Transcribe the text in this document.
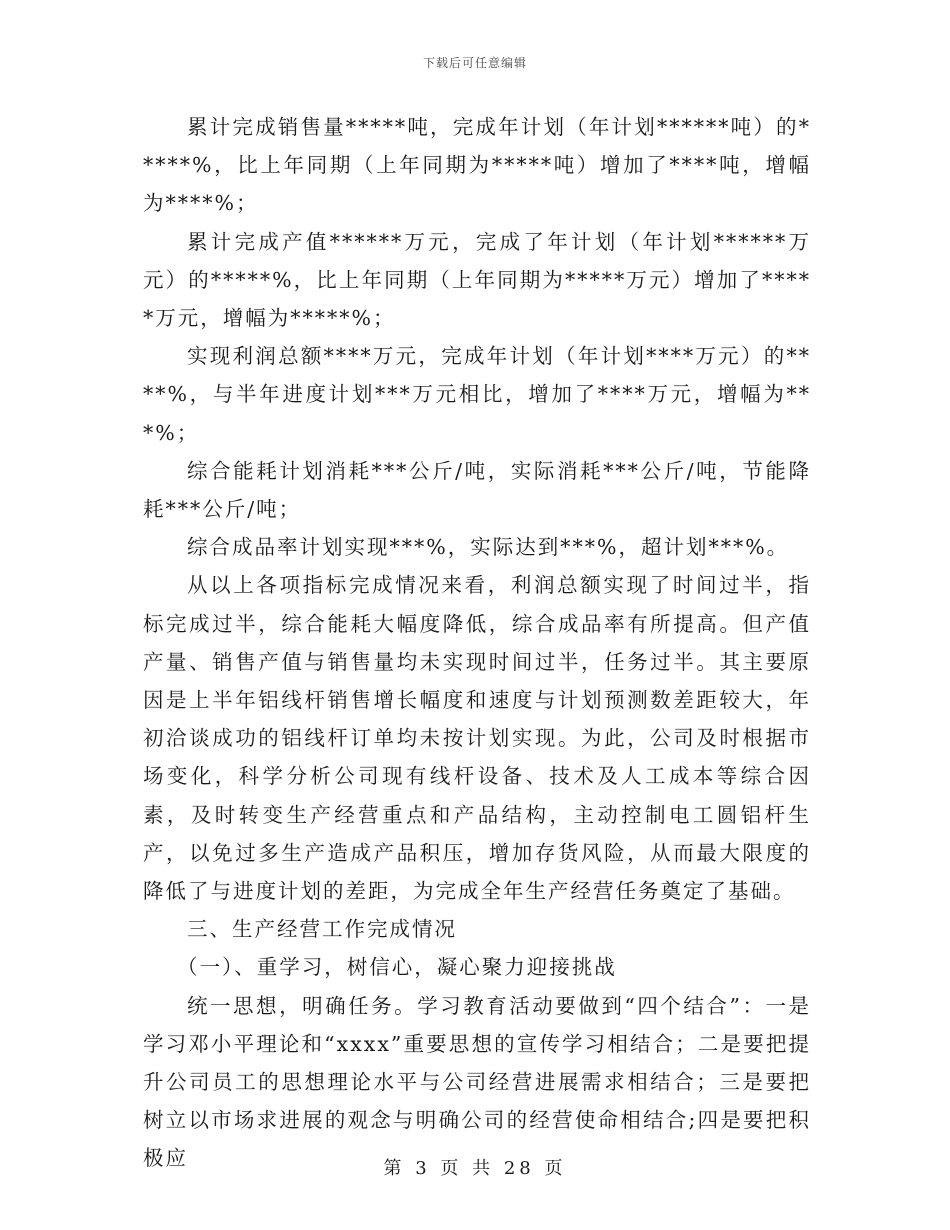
下载后可任意编辑

累计完成销售量*****吨，完成年计划（年计划******吨）的*****%，比上年同期（上年同期为*****吨）增加了****吨，增幅为****%；

累计完成产值******万元，完成了年计划（年计划******万元）的*****%，比上年同期（上年同期为*****万元）增加了*****万元，增幅为*****%；

实现利润总额****万元，完成年计划（年计划****万元）的****%，与半年进度计划***万元相比，增加了****万元，增幅为***%；

综合能耗计划消耗***公斤/吨，实际消耗***公斤/吨，节能降耗***公斤/吨；

综合成品率计划实现***%，实际达到***%，超计划***%。

从以上各项指标完成情况来看，利润总额实现了时间过半，指标完成过半，综合能耗大幅度降低，综合成品率有所提高。但产值产量、销售产值与销售量均未实现时间过半，任务过半。其主要原因是上半年铝线杆销售增长幅度和速度与计划预测数差距较大，年初洽谈成功的铝线杆订单均未按计划实现。为此，公司及时根据市场变化，科学分析公司现有线杆设备、技术及人工成本等综合因素，及时转变生产经营重点和产品结构，主动控制电工圆铝杆生产，以免过多生产造成产品积压，增加存货风险，从而最大限度的降低了与进度计划的差距，为完成全年生产经营任务奠定了基础。

三、生产经营工作完成情况

（一）、重学习，树信心，凝心聚力迎接挑战

统一思想，明确任务。学习教育活动要做到“四个结合”：一是学习邓小平理论和“xxxx”重要思想的宣传学习相结合；二是要把提升公司员工的思想理论水平与公司经营进展需求相结合；三是要把树立以市场求进展的观念与明确公司的经营使命相结合;四是要把积极应	第 3 页 共 28 页
